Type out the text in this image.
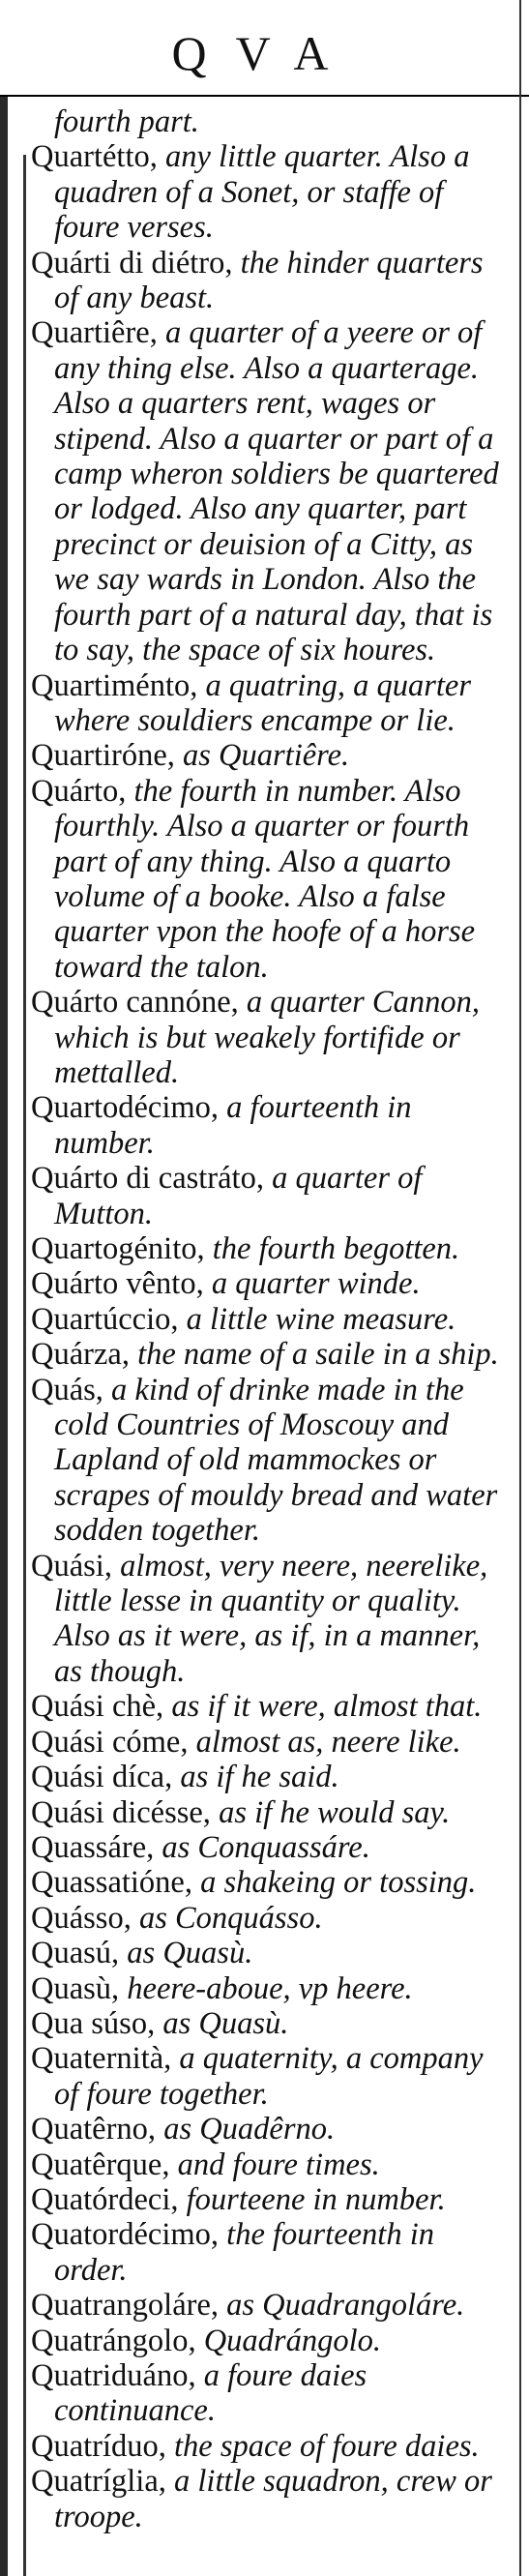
QVA

fourth part.

Quartétto, any little quarter. Also a quadren of a Sonet, or staffe of foure verses.

Quárti di diétro, the hinder quarters of any beast.

Quartiêre, a quarter of a yeere or of any thing else. Also a quarterage. Also a quarters rent, wages or stipend. Also a quarter or part of a camp wheron soldiers be quartered or lodged. Also any quarter, part precinct or deuision of a Citty, as we say wards in London. Also the fourth part of a natural day, that is to say, the space of six houres.

Quartiménto, a quatring, a quarter where souldiers encampe or lie.

Quartiróne, as Quartiêre.

Quárto, the fourth in number. Also fourthly. Also a quarter or fourth part of any thing. Also a quarto volume of a booke. Also a false quarter vpon the hoofe of a horse toward the talon.

Quárto cannóne, a quarter Cannon, which is but weakely fortifide or mettalled.

Quartodécimo, a fourteenth in number.

Quárto di castráto, a quarter of Mutton.

Quartogénito, the fourth begotten.

Quárto vênto, a quarter winde.

Quartúccio, a little wine measure.

Quárza, the name of a saile in a ship.

Quás, a kind of drinke made in the cold Countries of Moscouy and Lapland of old mammockes or scrapes of mouldy bread and water sodden together.

Quási, almost, very neere, neerelike, little lesse in quantity or quality. Also as it were, as if, in a manner, as though.

Quási chè, as if it were, almost that.

Quási cóme, almost as, neere like.

Quási díca, as if he said.

Quási dicésse, as if he would say.

Quassáre, as Conquassáre.

Quassatióne, a shakeing or tossing.

Quásso, as Conquásso.

Quasú, as Quasù.

Quasù, heere-aboue, vp heere.

Qua súso, as Quasù.

Quaternità, a quaternity, a company of foure together.

Quatêrno, as Quadêrno.

Quatêrque, and foure times.

Quatórdeci, fourteene in number.

Quatordécimo, the fourteenth in order.

Quatrangoláre, as Quadrangoláre.

Quatrángolo, Quadrángolo.

Quatriduáno, a foure daies continuance.

Quatríduo, the space of foure daies.

Quatríglia, a little squadron, crew or troope.
